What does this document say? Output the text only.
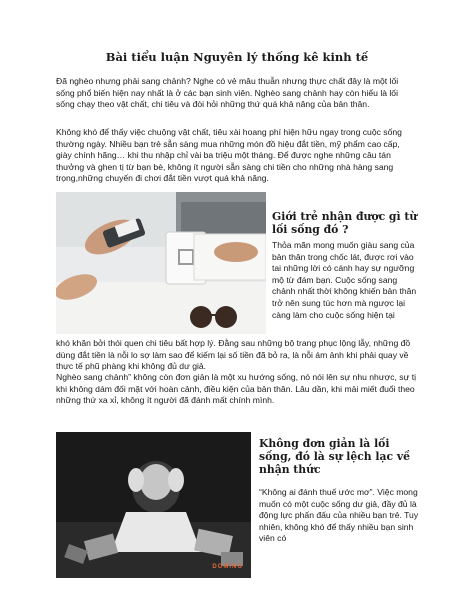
Bài tiểu luận Nguyên lý thống kê kinh tế

Đã nghèo nhưng phải sang chảnh? Nghe có vẻ mâu thuẫn nhưng thực chất đây là một lối sống phổ biến hiện nay nhất là ở các bạn sinh viên. Nghèo sang chảnh hay còn hiểu là lối sống chạy theo vật chất, chi tiêu và đòi hỏi những thứ quá khả năng của bản thân.

Không khó để thấy việc chuộng vật chất, tiêu xài hoang phí hiện hữu ngay trong cuộc sống thường ngày. Nhiều bạn trẻ sẵn sàng mua những món đồ hiệu đắt tiền, mỹ phẩm cao cấp, giày chính hãng… khi thu nhập chỉ vài ba triệu một tháng. Để được nghe những câu tán thưởng và ghen tị từ bạn bè, không ít người sẵn sàng chi tiền cho những nhà hàng sang trọng,những chuyến đi chơi đắt tiền vượt quá khả năng.

Giới trẻ nhận được gì từ lối sống đó ?

Thỏa mãn mong muốn giàu sang của bản thân trong chốc lát, được rơi vào tai những lời có cánh hay sự ngưỡng mộ từ đám bạn. Cuộc sống sang chảnh nhất thời không khiến bản thân trở nên sung túc hơn mà ngược lại càng làm cho cuộc sống hiện tại

khó khăn bởi thói quen chi tiêu bất hợp lý. Đằng sau những bộ trang phục lộng lẫy, những đồ dùng đắt tiền là nỗi lo sợ làm sao để kiếm lại số tiền đã bỏ ra, là nỗi ám ảnh khi phải quay về thực tế phũ phàng khi không đủ dư giả.

Nghèo sang chảnh” không còn đơn giản là một xu hướng sống, nó nói lên sự nhu nhược, sự tị khi không dám đối mặt với hoàn cảnh, điều kiện của bản thân. Lâu dần, khi mải miết đuổi theo những thứ xa xỉ, không ít người đã đánh mất chính mình.

DOMINO
Không đơn giản là lối sống, đó là sự lệch lạc về nhận thức

“Không ai đánh thuế ước mơ”. Việc mong muốn có một cuộc sống dư giả, đầy đủ là động lực phấn đấu của nhiều bạn trẻ. Tuy nhiên, không khó để thấy nhiều bạn sinh viên có
